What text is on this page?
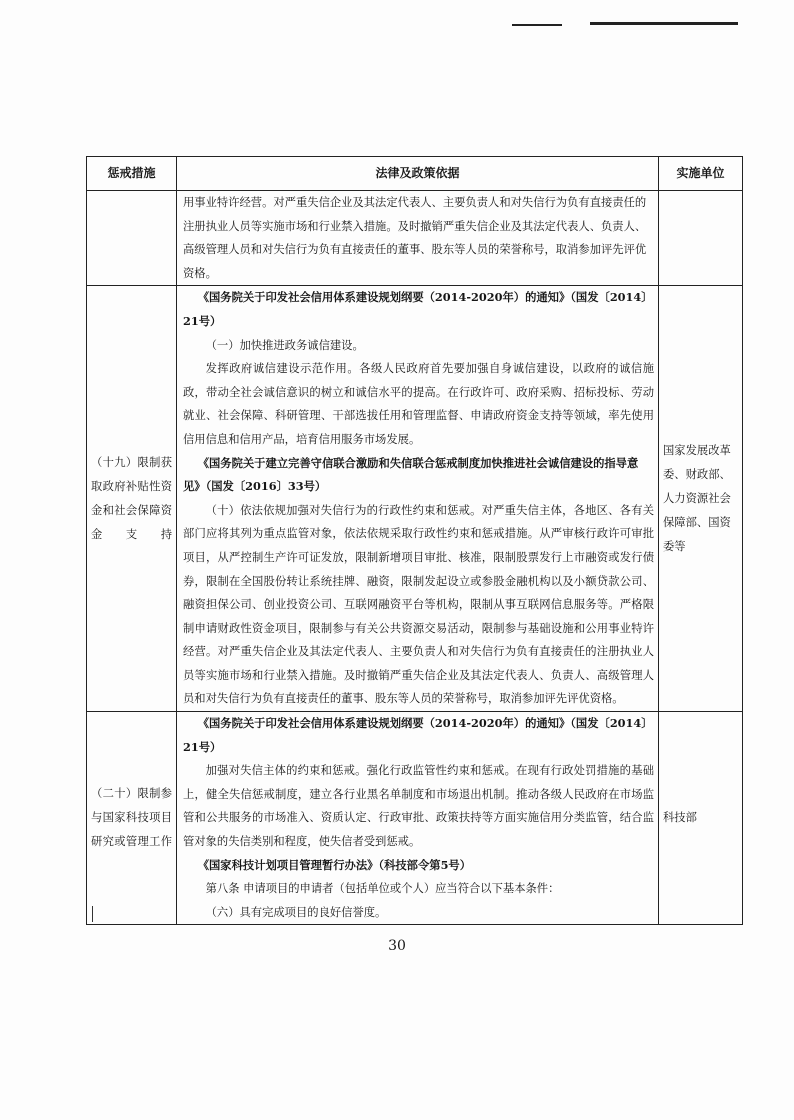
惩戒措施	法律及政策依据	实施单位

	用事业特许经营。对严重失信企业及其法定代表人、主要负责人和对失信行为负有直接责任的注册执业人员等实施市场和行业禁入措施。及时撤销严重失信企业及其法定代表人、负责人、高级管理人员和对失信行为负有直接责任的董事、股东等人员的荣誉称号，取消参加评先评优资格。	

（十九）限制获取政府补贴性资金和社会保障资金支持	《国务院关于印发社会信用体系建设规划纲要（2014-2020年）的通知》（国发〔2014〕21号）

（一）加快推进政务诚信建设。

发挥政府诚信建设示范作用。各级人民政府首先要加强自身诚信建设，以政府的诚信施政，带动全社会诚信意识的树立和诚信水平的提高。在行政许可、政府采购、招标投标、劳动就业、社会保障、科研管理、干部选拔任用和管理监督、申请政府资金支持等领域，率先使用信用信息和信用产品，培育信用服务市场发展。

《国务院关于建立完善守信联合激励和失信联合惩戒制度加快推进社会诚信建设的指导意见》（国发〔2016〕33号）

（十）依法依规加强对失信行为的行政性约束和惩戒。对严重失信主体，各地区、各有关部门应将其列为重点监管对象，依法依规采取行政性约束和惩戒措施。从严审核行政许可审批项目，从严控制生产许可证发放，限制新增项目审批、核准，限制股票发行上市融资或发行债券，限制在全国股份转让系统挂牌、融资，限制发起设立或参股金融机构以及小额贷款公司、融资担保公司、创业投资公司、互联网融资平台等机构，限制从事互联网信息服务等。严格限制申请财政性资金项目，限制参与有关公共资源交易活动，限制参与基础设施和公用事业特许经营。对严重失信企业及其法定代表人、主要负责人和对失信行为负有直接责任的注册执业人员等实施市场和行业禁入措施。及时撤销严重失信企业及其法定代表人、负责人、高级管理人员和对失信行为负有直接责任的董事、股东等人员的荣誉称号，取消参加评先评优资格。	国家发展改革委、财政部、人力资源社会保障部、国资委等
（二十）限制参与国家科技项目研究或管理工作	《国务院关于印发社会信用体系建设规划纲要（2014-2020年）的通知》（国发〔2014〕21号）

加强对失信主体的约束和惩戒。强化行政监管性约束和惩戒。在现有行政处罚措施的基础上，健全失信惩戒制度，建立各行业黑名单制度和市场退出机制。推动各级人民政府在市场监管和公共服务的市场准入、资质认定、行政审批、政策扶持等方面实施信用分类监管，结合监管对象的失信类别和程度，使失信者受到惩戒。

《国家科技计划项目管理暂行办法》（科技部令第5号）

第八条 申请项目的申请者（包括单位或个人）应当符合以下基本条件：

（六）具有完成项目的良好信誉度。	科技部
30
